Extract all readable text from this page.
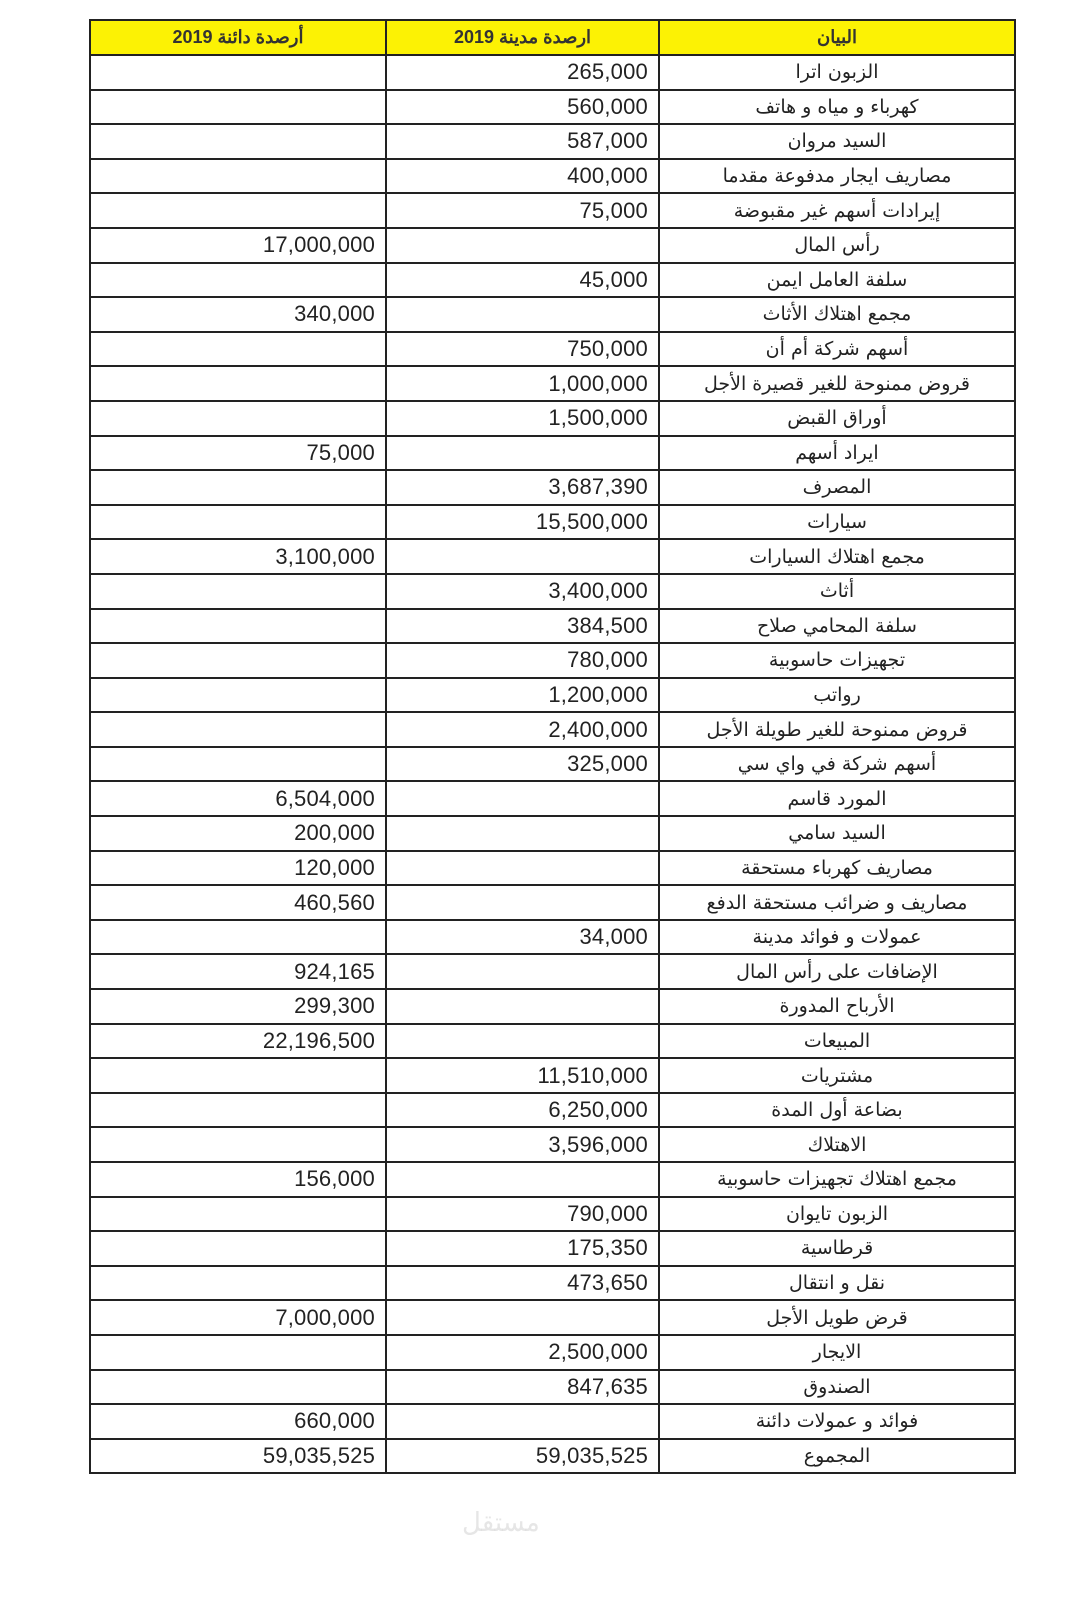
أرصدة دائنة 2019	ارصدة مدينة 2019	البيان
	265,000	الزبون اترا
	560,000	كهرباء و مياه و هاتف
	587,000	السيد مروان
	400,000	مصاريف ايجار مدفوعة مقدما
	75,000	إيرادات أسهم غير مقبوضة
17,000,000		رأس المال
	45,000	سلفة العامل ايمن
340,000		مجمع اهتلاك الأثاث
	750,000	أسهم شركة أم أن
	1,000,000	قروض ممنوحة للغير قصيرة الأجل
	1,500,000	أوراق القبض
75,000		ايراد أسهم
	3,687,390	المصرف
	15,500,000	سيارات
3,100,000		مجمع اهتلاك السيارات
	3,400,000	أثاث
	384,500	سلفة المحامي صلاح
	780,000	تجهيزات حاسوبية
	1,200,000	رواتب
	2,400,000	قروض ممنوحة للغير طويلة الأجل
	325,000	أسهم شركة في واي سي
6,504,000		المورد قاسم
200,000		السيد سامي
120,000		مصاريف كهرباء مستحقة
460,560		مصاريف و ضرائب مستحقة الدفع
	34,000	عمولات و فوائد مدينة
924,165		الإضافات على رأس المال
299,300		الأرباح المدورة
22,196,500		المبيعات
	11,510,000	مشتريات
	6,250,000	بضاعة أول المدة
	3,596,000	الاهتلاك
156,000		مجمع اهتلاك تجهيزات حاسوبية
	790,000	الزبون تايوان
	175,350	قرطاسية
	473,650	نقل و انتقال
7,000,000		قرض طويل الأجل
	2,500,000	الايجار
	847,635	الصندوق
660,000		فوائد و عمولات دائنة
59,035,525	59,035,525	المجموع
مستقل
